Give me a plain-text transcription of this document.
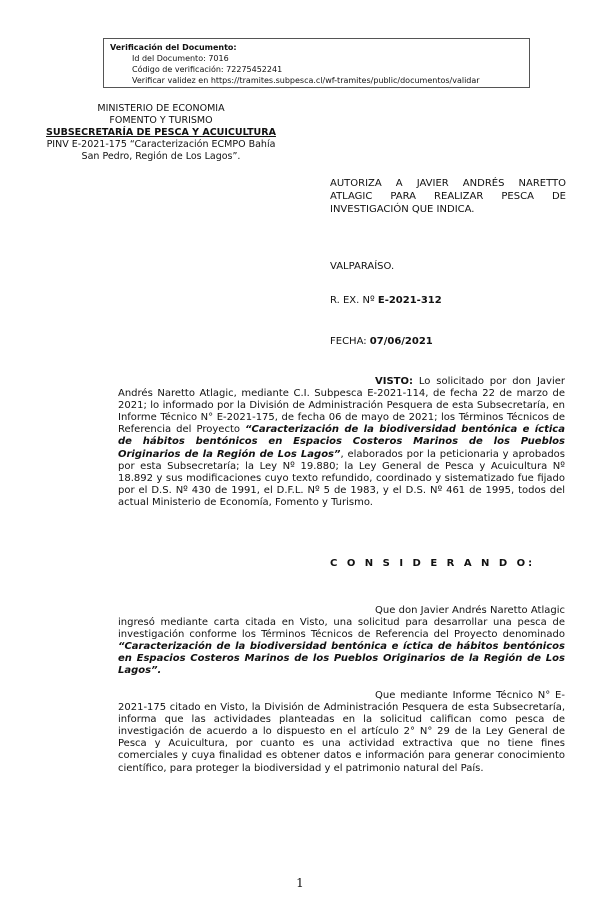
Verificación del Documento:
• Id del Documento: 7016
• Código de verificación: 72275452241
• Verificar validez en https://tramites.subpesca.cl/wf-tramites/public/documentos/validar
MINISTERIO DE ECONOMIA
FOMENTO Y TURISMO
SUBSECRETARÍA DE PESCA Y ACUICULTURA
PINV E-2021-175 “Caracterización ECMPO Bahía
San Pedro, Región de Los Lagos”.
AUTORIZA A JAVIER ANDRÉS NARETTO ATLAGIC PARA REALIZAR PESCA DE INVESTIGACIÓN QUE INDICA.
VALPARAÍSO.
R. EX. Nº E-2021-312
FECHA: 07/06/2021
VISTO: Lo solicitado por don Javier Andrés Naretto Atlagic, mediante C.I. Subpesca E-2021-114, de fecha 22 de marzo de 2021; lo informado por la División de Administración Pesquera de esta Subsecretaría, en Informe Técnico N° E-2021-175, de fecha 06 de mayo de 2021; los Términos Técnicos de Referencia del Proyecto “Caracterización de la biodiversidad bentónica e íctica de hábitos bentónicos en Espacios Costeros Marinos de los Pueblos Originarios de la Región de Los Lagos”, elaborados por la peticionaria y aprobados por esta Subsecretaría; la Ley Nº 19.880; la Ley General de Pesca y Acuicultura Nº 18.892 y sus modificaciones cuyo texto refundido, coordinado y sistematizado fue fijado por el D.S. Nº 430 de 1991, el D.F.L. Nº 5 de 1983, y el D.S. Nº 461 de 1995, todos del actual Ministerio de Economía, Fomento y Turismo.
C O N S I D E R A N D O:
Que don Javier Andrés Naretto Atlagic ingresó mediante carta citada en Visto, una solicitud para desarrollar una pesca de investigación conforme los Términos Técnicos de Referencia del Proyecto denominado “Caracterización de la biodiversidad bentónica e íctica de hábitos bentónicos en Espacios Costeros Marinos de los Pueblos Originarios de la Región de Los Lagos”.
Que mediante Informe Técnico N° E-2021-175 citado en Visto, la División de Administración Pesquera de esta Subsecretaría, informa que las actividades planteadas en la solicitud califican como pesca de investigación de acuerdo a lo dispuesto en el artículo 2° N° 29 de la Ley General de Pesca y Acuicultura, por cuanto es una actividad extractiva que no tiene fines comerciales y cuya finalidad es obtener datos e información para generar conocimiento científico, para proteger la biodiversidad y el patrimonio natural del País.
1
